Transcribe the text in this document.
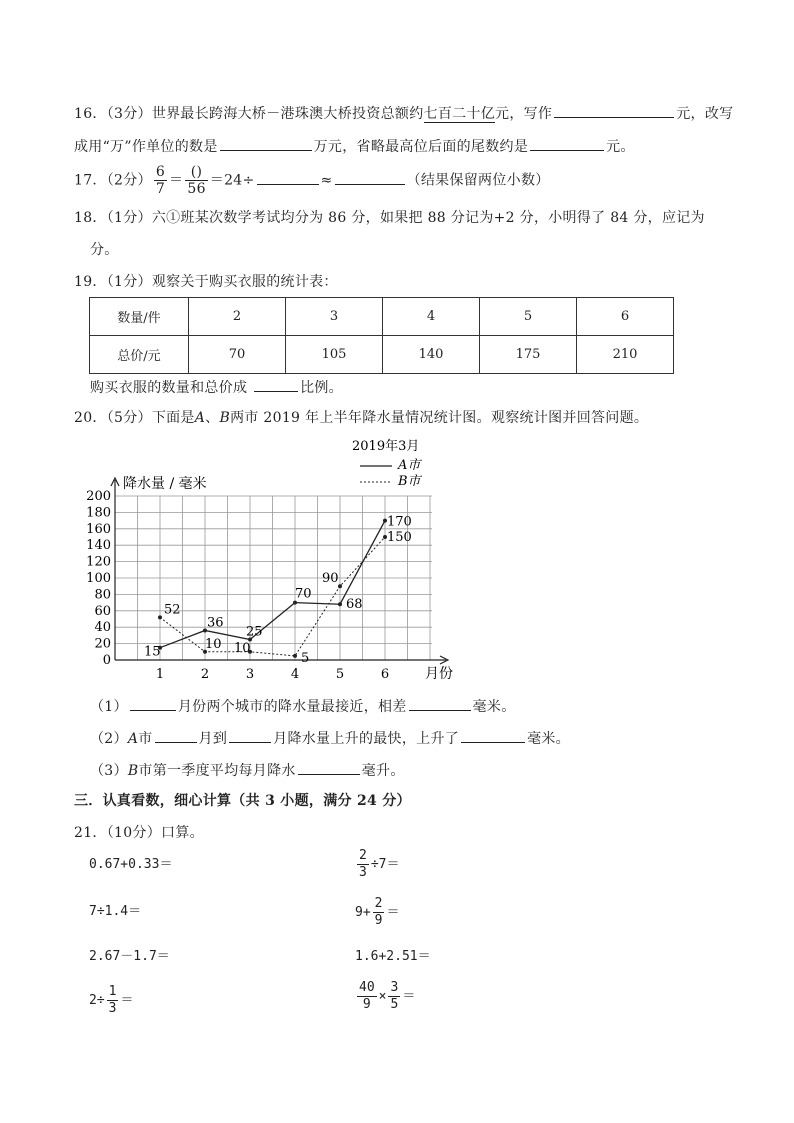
16．（3分）世界最长跨海大桥－港珠澳大桥投资总额约七百二十亿元，写作	元，改写
成用“万”作单位的数是	万元，省略最高位后面的尾数约是	元。
17．（2分） $\frac{6}{7} = \frac{()}{56} =24\div$	≈	（结果保留两位小数）
18．（1分）六①班某次数学考试均分为 86 分，如果把 88 分记为+2 分，小明得了 84 分，应记为
分。
19．（1分）观察关于购买衣服的统计表：
数量/件	2	3	4	5	6
总价/元	70	105	140	175	210
购买衣服的数量和总价成	比例。
20．（5分）下面是A、B两市 2019 年上半年降水量情况统计图。观察统计图并回答问题。
0
20
40
60
80
100
120
140
160
180
200
1	2	3	4	5	6
15
36
25
70
68
170
52
10 10
5
90
150
2019年3月
A市
B市
降水量 / 毫米
月份
（1）	月份两个城市的降水量最接近，相差	毫米。
（2）A市	月到	月降水量上升的最快，上升了	毫米。
（3）B市第一季度平均每月降水	毫升。
三．认真看数，细心计算（共 3 小题，满分 24 分）
21．（10分）口算。
0.67+0.33＝	$\frac{2}{3} \div 7=$
7÷1.4＝	$9+ \frac{2}{9}$ ＝
2.67－1.7＝	1.6+2.51＝
$2\div \frac{1}{3}$ ＝	$\frac{40}{9} \times \frac{3}{5}$ ＝
